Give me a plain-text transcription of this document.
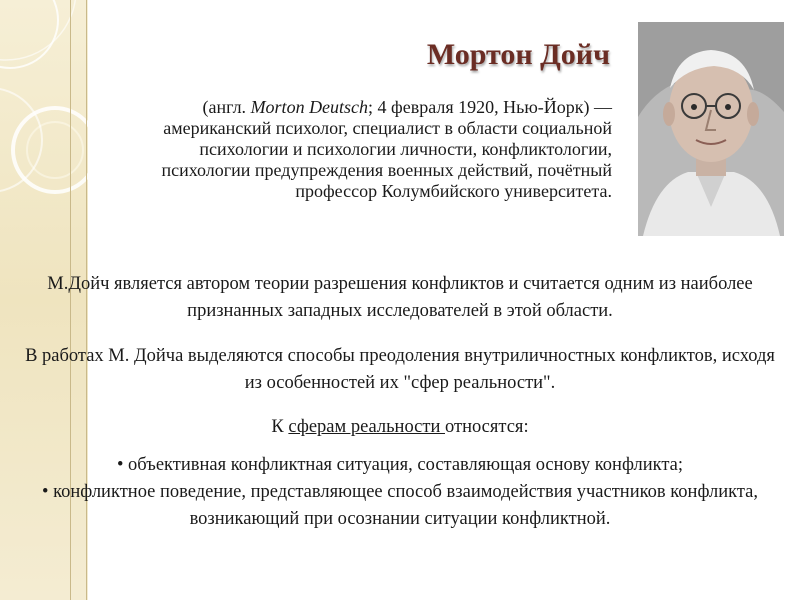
Мортон Дойч
(англ. Morton Deutsch; 4 февраля 1920, Нью-Йорк) — американский психолог, специалист в области социальной психологии и психологии личности, конфликтологии, психологии предупреждения военных действий, почётный профессор Колумбийского университета.
М.Дойч является автором теории разрешения конфликтов и считается одним из наиболее признанных западных исследователей в этой области.
В работах М. Дойча выделяются способы преодоления внутриличностных конфликтов, исходя из особенностей их "сфер реальности".
К сферам реальности относятся:
• объективная конфликтная ситуация, составляющая основу конфликта;
• конфликтное поведение, представляющее способ взаимодействия участников конфликта, возникающий при осознании ситуации конфликтной.
